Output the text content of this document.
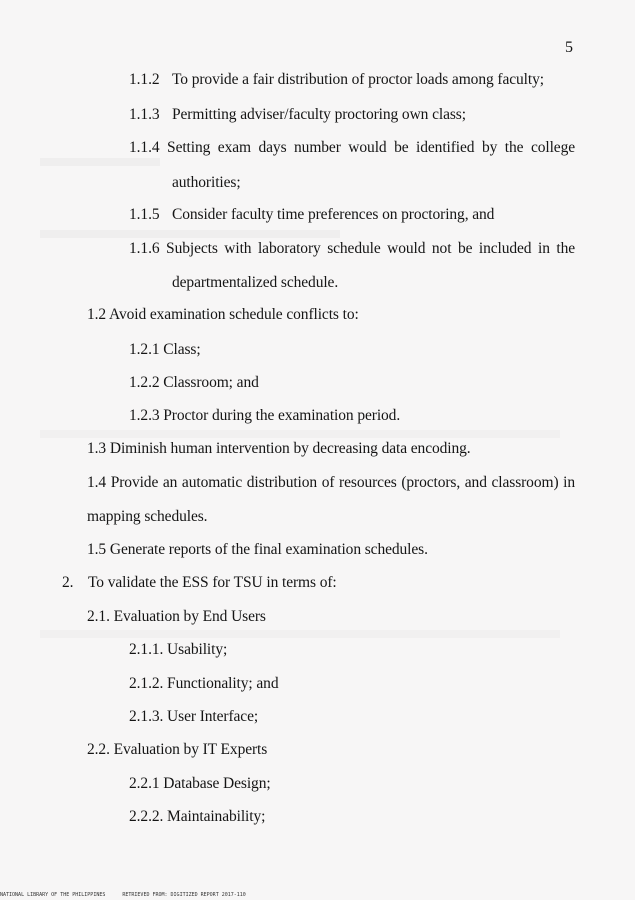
5
1.1.2 To provide a fair distribution of proctor loads among faculty;
1.1.3 Permitting adviser/faculty proctoring own class;
1.1.4 Setting exam days number would be identified by the college
authorities;
1.1.5 Consider faculty time preferences on proctoring, and
1.1.6 Subjects with laboratory schedule would not be included in the
departmentalized schedule.
1.2 Avoid examination schedule conflicts to:
1.2.1 Class;
1.2.2 Classroom; and
1.2.3 Proctor during the examination period.
1.3 Diminish human intervention by decreasing data encoding.
1.4 Provide an automatic distribution of resources (proctors, and classroom) in
mapping schedules.
1.5 Generate reports of the final examination schedules.
2. To validate the ESS for TSU in terms of:
2.1. Evaluation by End Users
2.1.1. Usability;
2.1.2. Functionality; and
2.1.3. User Interface;
2.2. Evaluation by IT Experts
2.2.1 Database Design;
2.2.2. Maintainability;
NATIONAL LIBRARY OF THE PHILIPPINES	RETRIEVED FROM: DIGITIZED REPORT 2017-110
